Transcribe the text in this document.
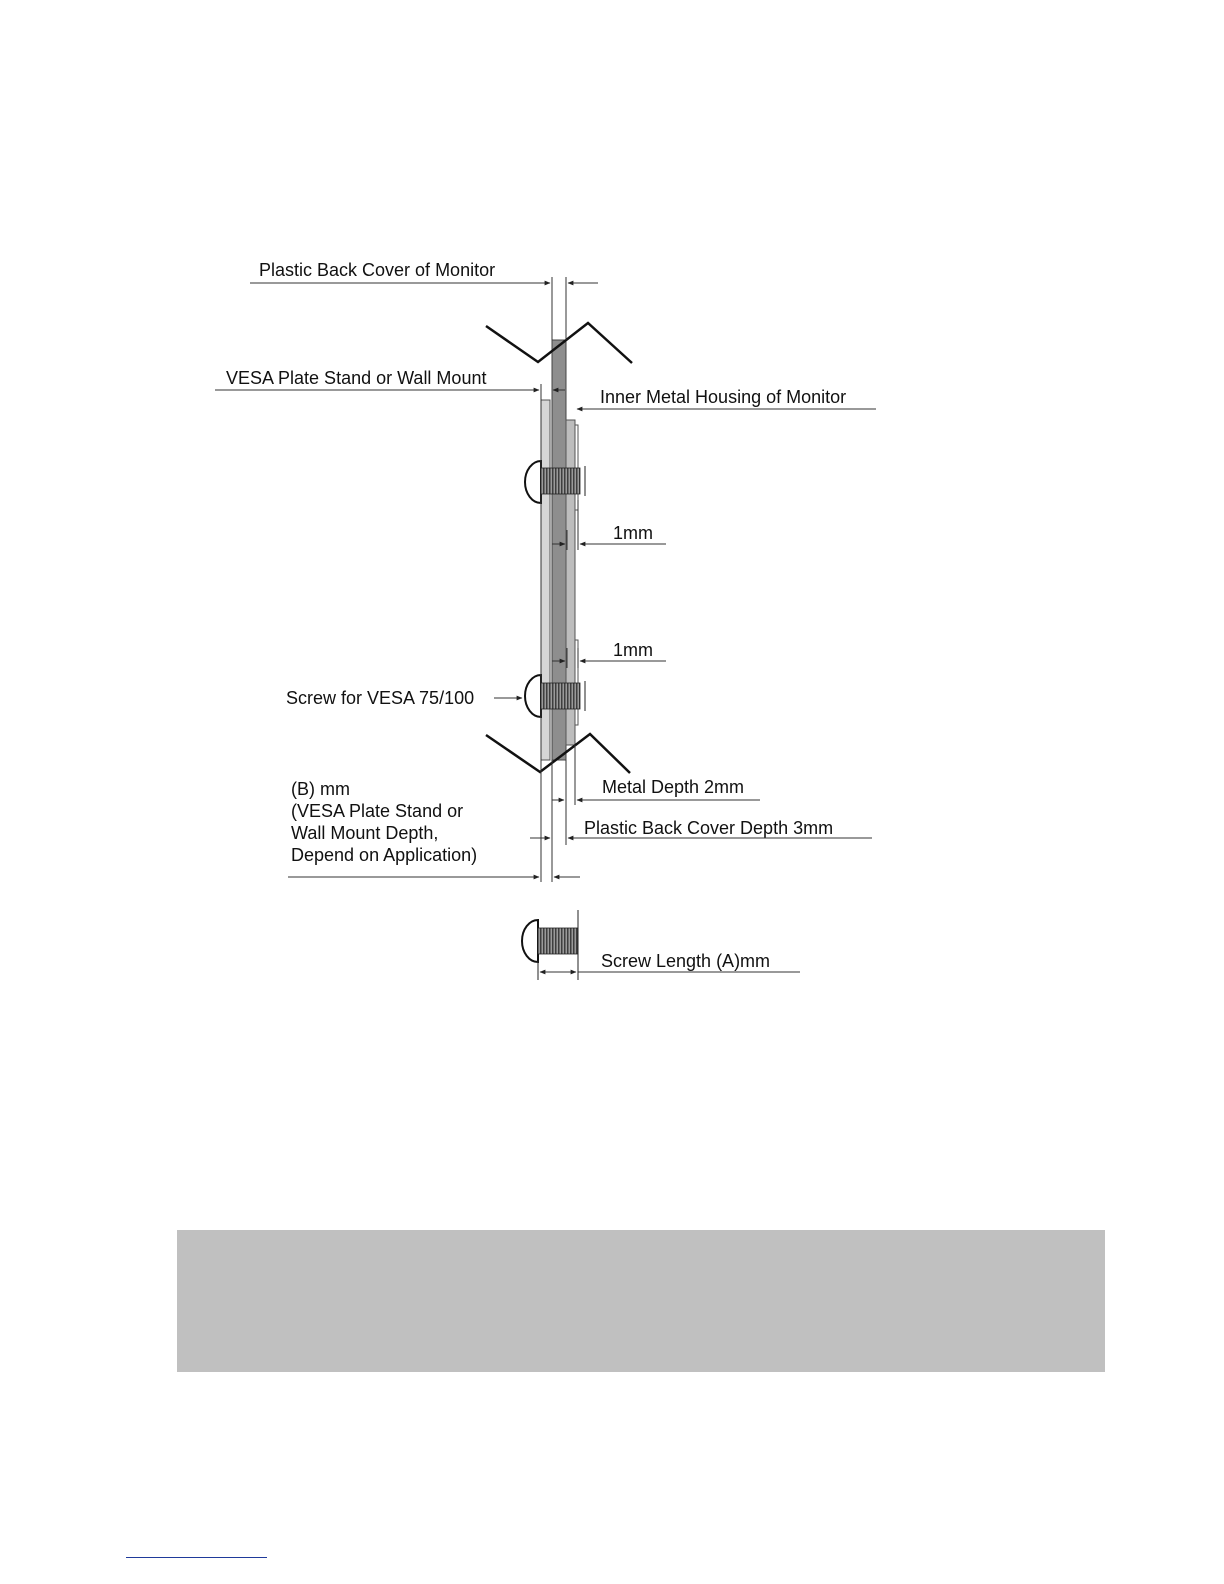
Plastic Back Cover of Monitor
VESA Plate Stand or Wall Mount
Inner Metal Housing of Monitor
1mm
1mm
Screw for VESA 75/100
(B) mm
(VESA Plate Stand or
Wall Mount Depth,
Depend on Application)
Metal Depth 2mm
Plastic Back Cover Depth 3mm
Screw Length (A)mm
